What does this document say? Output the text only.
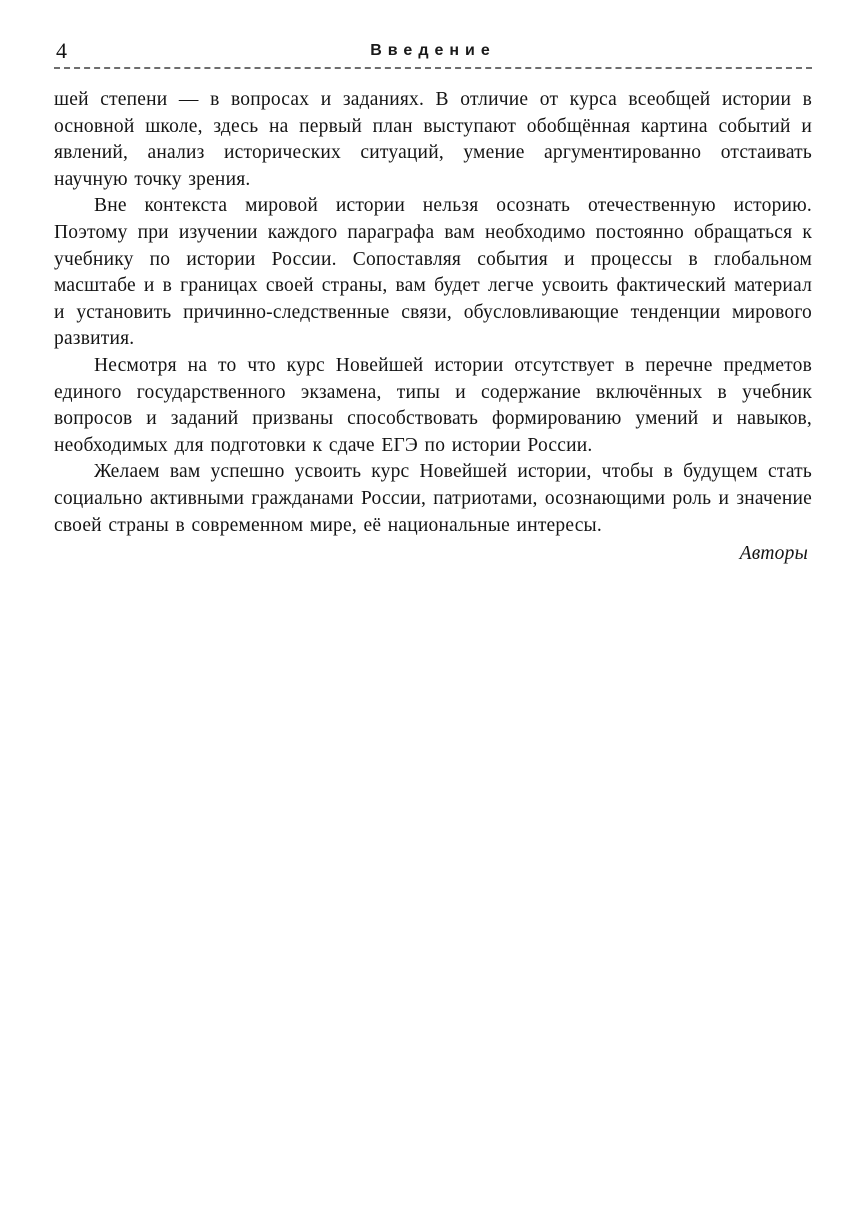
4	Введение

шей степени — в вопросах и заданиях. В отличие от курса всеобщей истории в основной школе, здесь на первый план выступают обобщённая картина событий и явлений, анализ исторических ситуаций, умение аргументированно отстаивать научную точку зрения.

Вне контекста мировой истории нельзя осознать отечественную историю. Поэтому при изучении каждого параграфа вам необходимо постоянно обращаться к учебнику по истории России. Сопоставляя события и процессы в глобальном масштабе и в границах своей страны, вам будет легче усвоить фактический материал и установить причинно-следственные связи, обусловливающие тенденции мирового развития.

Несмотря на то что курс Новейшей истории отсутствует в перечне предметов единого государственного экзамена, типы и содержание включённых в учебник вопросов и заданий призваны способствовать формированию умений и навыков, необходимых для подготовки к сдаче ЕГЭ по истории России.

Желаем вам успешно усвоить курс Новейшей истории, чтобы в будущем стать социально активными гражданами России, патриотами, осознающими роль и значение своей страны в современном мире, её национальные интересы.

Авторы
